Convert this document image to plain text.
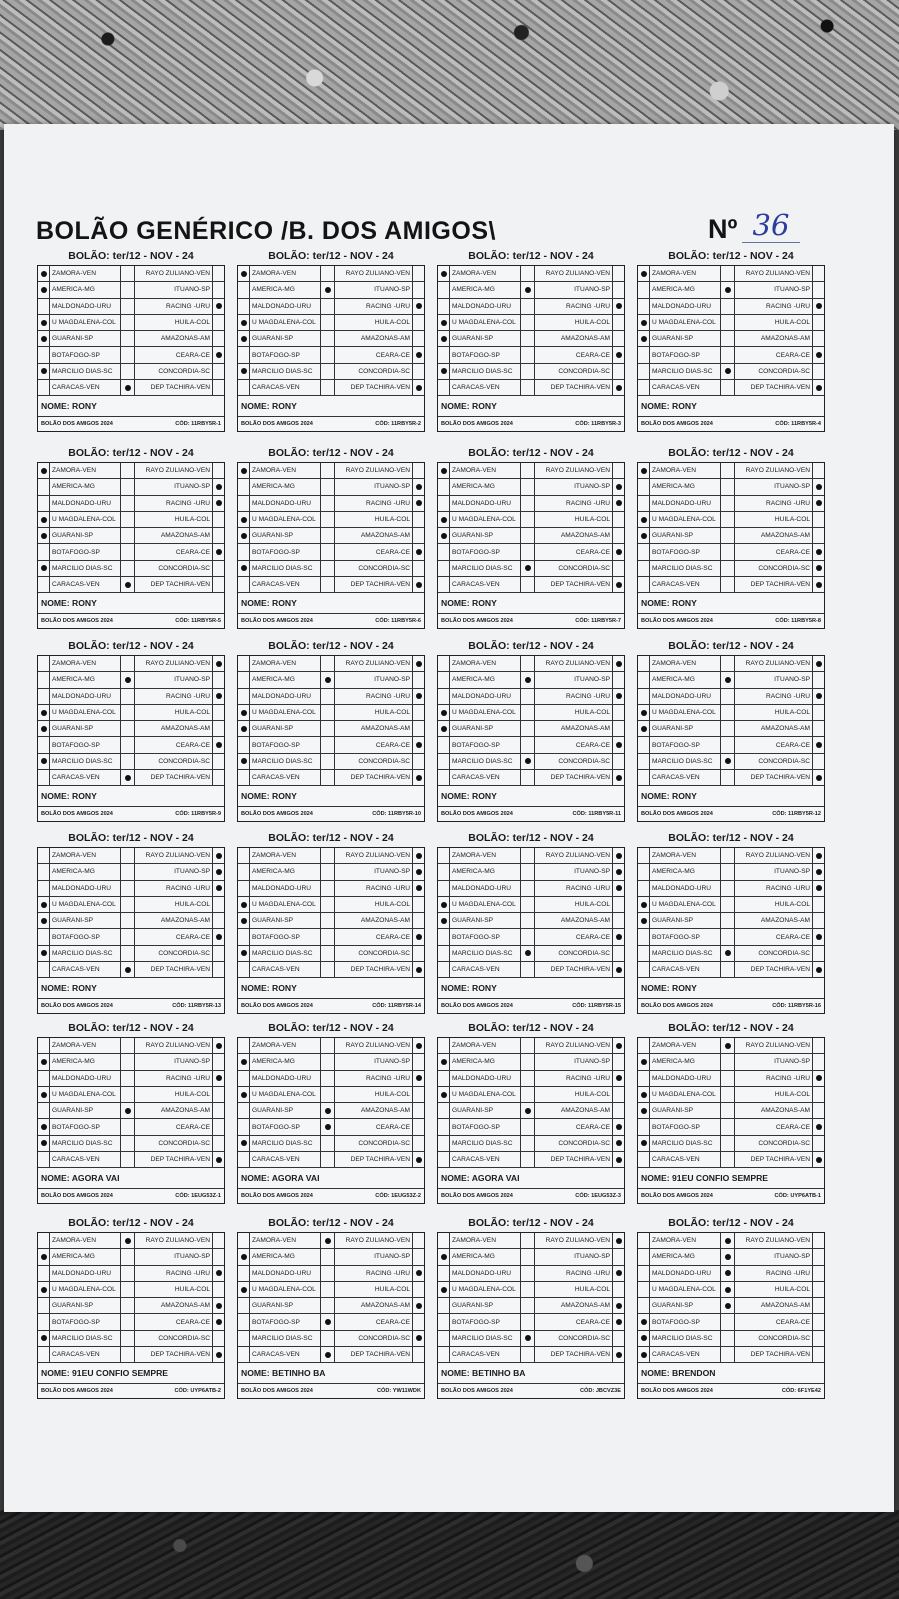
BOLÃO GENÉRICO /B. DOS AMIGOS\	Nº 36
BOLÃO: ter/12 - NOV - 24
ZAMORA-VEN	RAYO ZULIANO-VEN
AMERICA-MG	ITUANO-SP
MALDONADO-URU	RACING -URU
U MAGDALENA-COL	HUILA-COL
GUARANI-SP	AMAZONAS-AM
BOTAFOGO-SP	CEARA-CE
MARCILIO DIAS-SC	CONCORDIA-SC
CARACAS-VEN	DEP TACHIRA-VEN
NOME: RONY
BOLÃO DOS AMIGOS 2024	CÓD: 11RBY5R-1
BOLÃO: ter/12 - NOV - 24
ZAMORA-VEN	RAYO ZULIANO-VEN
AMERICA-MG	ITUANO-SP
MALDONADO-URU	RACING -URU
U MAGDALENA-COL	HUILA-COL
GUARANI-SP	AMAZONAS-AM
BOTAFOGO-SP	CEARA-CE
MARCILIO DIAS-SC	CONCORDIA-SC
CARACAS-VEN	DEP TACHIRA-VEN
NOME: RONY
BOLÃO DOS AMIGOS 2024	CÓD: 11RBY5R-2
BOLÃO: ter/12 - NOV - 24
ZAMORA-VEN	RAYO ZULIANO-VEN
AMERICA-MG	ITUANO-SP
MALDONADO-URU	RACING -URU
U MAGDALENA-COL	HUILA-COL
GUARANI-SP	AMAZONAS-AM
BOTAFOGO-SP	CEARA-CE
MARCILIO DIAS-SC	CONCORDIA-SC
CARACAS-VEN	DEP TACHIRA-VEN
NOME: RONY
BOLÃO DOS AMIGOS 2024	CÓD: 11RBY5R-3
BOLÃO: ter/12 - NOV - 24
ZAMORA-VEN	RAYO ZULIANO-VEN
AMERICA-MG	ITUANO-SP
MALDONADO-URU	RACING -URU
U MAGDALENA-COL	HUILA-COL
GUARANI-SP	AMAZONAS-AM
BOTAFOGO-SP	CEARA-CE
MARCILIO DIAS-SC	CONCORDIA-SC
CARACAS-VEN	DEP TACHIRA-VEN
NOME: RONY
BOLÃO DOS AMIGOS 2024	CÓD: 11RBY5R-4
BOLÃO: ter/12 - NOV - 24
ZAMORA-VEN	RAYO ZULIANO-VEN
AMERICA-MG	ITUANO-SP
MALDONADO-URU	RACING -URU
U MAGDALENA-COL	HUILA-COL
GUARANI-SP	AMAZONAS-AM
BOTAFOGO-SP	CEARA-CE
MARCILIO DIAS-SC	CONCORDIA-SC
CARACAS-VEN	DEP TACHIRA-VEN
NOME: RONY
BOLÃO DOS AMIGOS 2024	CÓD: 11RBY5R-5
BOLÃO: ter/12 - NOV - 24
ZAMORA-VEN	RAYO ZULIANO-VEN
AMERICA-MG	ITUANO-SP
MALDONADO-URU	RACING -URU
U MAGDALENA-COL	HUILA-COL
GUARANI-SP	AMAZONAS-AM
BOTAFOGO-SP	CEARA-CE
MARCILIO DIAS-SC	CONCORDIA-SC
CARACAS-VEN	DEP TACHIRA-VEN
NOME: RONY
BOLÃO DOS AMIGOS 2024	CÓD: 11RBY5R-6
BOLÃO: ter/12 - NOV - 24
ZAMORA-VEN	RAYO ZULIANO-VEN
AMERICA-MG	ITUANO-SP
MALDONADO-URU	RACING -URU
U MAGDALENA-COL	HUILA-COL
GUARANI-SP	AMAZONAS-AM
BOTAFOGO-SP	CEARA-CE
MARCILIO DIAS-SC	CONCORDIA-SC
CARACAS-VEN	DEP TACHIRA-VEN
NOME: RONY
BOLÃO DOS AMIGOS 2024	CÓD: 11RBY5R-7
BOLÃO: ter/12 - NOV - 24
ZAMORA-VEN	RAYO ZULIANO-VEN
AMERICA-MG	ITUANO-SP
MALDONADO-URU	RACING -URU
U MAGDALENA-COL	HUILA-COL
GUARANI-SP	AMAZONAS-AM
BOTAFOGO-SP	CEARA-CE
MARCILIO DIAS-SC	CONCORDIA-SC
CARACAS-VEN	DEP TACHIRA-VEN
NOME: RONY
BOLÃO DOS AMIGOS 2024	CÓD: 11RBY5R-8
BOLÃO: ter/12 - NOV - 24
ZAMORA-VEN	RAYO ZULIANO-VEN
AMERICA-MG	ITUANO-SP
MALDONADO-URU	RACING -URU
U MAGDALENA-COL	HUILA-COL
GUARANI-SP	AMAZONAS-AM
BOTAFOGO-SP	CEARA-CE
MARCILIO DIAS-SC	CONCORDIA-SC
CARACAS-VEN	DEP TACHIRA-VEN
NOME: RONY
BOLÃO DOS AMIGOS 2024	CÓD: 11RBY5R-9
BOLÃO: ter/12 - NOV - 24
ZAMORA-VEN	RAYO ZULIANO-VEN
AMERICA-MG	ITUANO-SP
MALDONADO-URU	RACING -URU
U MAGDALENA-COL	HUILA-COL
GUARANI-SP	AMAZONAS-AM
BOTAFOGO-SP	CEARA-CE
MARCILIO DIAS-SC	CONCORDIA-SC
CARACAS-VEN	DEP TACHIRA-VEN
NOME: RONY
BOLÃO DOS AMIGOS 2024	CÓD: 11RBY5R-10
BOLÃO: ter/12 - NOV - 24
ZAMORA-VEN	RAYO ZULIANO-VEN
AMERICA-MG	ITUANO-SP
MALDONADO-URU	RACING -URU
U MAGDALENA-COL	HUILA-COL
GUARANI-SP	AMAZONAS-AM
BOTAFOGO-SP	CEARA-CE
MARCILIO DIAS-SC	CONCORDIA-SC
CARACAS-VEN	DEP TACHIRA-VEN
NOME: RONY
BOLÃO DOS AMIGOS 2024	CÓD: 11RBY5R-11
BOLÃO: ter/12 - NOV - 24
ZAMORA-VEN	RAYO ZULIANO-VEN
AMERICA-MG	ITUANO-SP
MALDONADO-URU	RACING -URU
U MAGDALENA-COL	HUILA-COL
GUARANI-SP	AMAZONAS-AM
BOTAFOGO-SP	CEARA-CE
MARCILIO DIAS-SC	CONCORDIA-SC
CARACAS-VEN	DEP TACHIRA-VEN
NOME: RONY
BOLÃO DOS AMIGOS 2024	CÓD: 11RBY5R-12
BOLÃO: ter/12 - NOV - 24
ZAMORA-VEN	RAYO ZULIANO-VEN
AMERICA-MG	ITUANO-SP
MALDONADO-URU	RACING -URU
U MAGDALENA-COL	HUILA-COL
GUARANI-SP	AMAZONAS-AM
BOTAFOGO-SP	CEARA-CE
MARCILIO DIAS-SC	CONCORDIA-SC
CARACAS-VEN	DEP TACHIRA-VEN
NOME: RONY
BOLÃO DOS AMIGOS 2024	CÓD: 11RBY5R-13
BOLÃO: ter/12 - NOV - 24
ZAMORA-VEN	RAYO ZULIANO-VEN
AMERICA-MG	ITUANO-SP
MALDONADO-URU	RACING -URU
U MAGDALENA-COL	HUILA-COL
GUARANI-SP	AMAZONAS-AM
BOTAFOGO-SP	CEARA-CE
MARCILIO DIAS-SC	CONCORDIA-SC
CARACAS-VEN	DEP TACHIRA-VEN
NOME: RONY
BOLÃO DOS AMIGOS 2024	CÓD: 11RBY5R-14
BOLÃO: ter/12 - NOV - 24
ZAMORA-VEN	RAYO ZULIANO-VEN
AMERICA-MG	ITUANO-SP
MALDONADO-URU	RACING -URU
U MAGDALENA-COL	HUILA-COL
GUARANI-SP	AMAZONAS-AM
BOTAFOGO-SP	CEARA-CE
MARCILIO DIAS-SC	CONCORDIA-SC
CARACAS-VEN	DEP TACHIRA-VEN
NOME: RONY
BOLÃO DOS AMIGOS 2024	CÓD: 11RBY5R-15
BOLÃO: ter/12 - NOV - 24
ZAMORA-VEN	RAYO ZULIANO-VEN
AMERICA-MG	ITUANO-SP
MALDONADO-URU	RACING -URU
U MAGDALENA-COL	HUILA-COL
GUARANI-SP	AMAZONAS-AM
BOTAFOGO-SP	CEARA-CE
MARCILIO DIAS-SC	CONCORDIA-SC
CARACAS-VEN	DEP TACHIRA-VEN
NOME: RONY
BOLÃO DOS AMIGOS 2024	CÓD: 11RBY5R-16
BOLÃO: ter/12 - NOV - 24
ZAMORA-VEN	RAYO ZULIANO-VEN
AMERICA-MG	ITUANO-SP
MALDONADO-URU	RACING -URU
U MAGDALENA-COL	HUILA-COL
GUARANI-SP	AMAZONAS-AM
BOTAFOGO-SP	CEARA-CE
MARCILIO DIAS-SC	CONCORDIA-SC
CARACAS-VEN	DEP TACHIRA-VEN
NOME: AGORA VAI
BOLÃO DOS AMIGOS 2024	CÓD: 1EUG53Z-1
BOLÃO: ter/12 - NOV - 24
ZAMORA-VEN	RAYO ZULIANO-VEN
AMERICA-MG	ITUANO-SP
MALDONADO-URU	RACING -URU
U MAGDALENA-COL	HUILA-COL
GUARANI-SP	AMAZONAS-AM
BOTAFOGO-SP	CEARA-CE
MARCILIO DIAS-SC	CONCORDIA-SC
CARACAS-VEN	DEP TACHIRA-VEN
NOME: AGORA VAI
BOLÃO DOS AMIGOS 2024	CÓD: 1EUG53Z-2
BOLÃO: ter/12 - NOV - 24
ZAMORA-VEN	RAYO ZULIANO-VEN
AMERICA-MG	ITUANO-SP
MALDONADO-URU	RACING -URU
U MAGDALENA-COL	HUILA-COL
GUARANI-SP	AMAZONAS-AM
BOTAFOGO-SP	CEARA-CE
MARCILIO DIAS-SC	CONCORDIA-SC
CARACAS-VEN	DEP TACHIRA-VEN
NOME: AGORA VAI
BOLÃO DOS AMIGOS 2024	CÓD: 1EUG53Z-3
BOLÃO: ter/12 - NOV - 24
ZAMORA-VEN	RAYO ZULIANO-VEN
AMERICA-MG	ITUANO-SP
MALDONADO-URU	RACING -URU
U MAGDALENA-COL	HUILA-COL
GUARANI-SP	AMAZONAS-AM
BOTAFOGO-SP	CEARA-CE
MARCILIO DIAS-SC	CONCORDIA-SC
CARACAS-VEN	DEP TACHIRA-VEN
NOME: 91EU CONFIO SEMPRE
BOLÃO DOS AMIGOS 2024	CÓD: UYP6ATB-1
BOLÃO: ter/12 - NOV - 24
ZAMORA-VEN	RAYO ZULIANO-VEN
AMERICA-MG	ITUANO-SP
MALDONADO-URU	RACING -URU
U MAGDALENA-COL	HUILA-COL
GUARANI-SP	AMAZONAS-AM
BOTAFOGO-SP	CEARA-CE
MARCILIO DIAS-SC	CONCORDIA-SC
CARACAS-VEN	DEP TACHIRA-VEN
NOME: 91EU CONFIO SEMPRE
BOLÃO DOS AMIGOS 2024	CÓD: UYP6ATB-2
BOLÃO: ter/12 - NOV - 24
ZAMORA-VEN	RAYO ZULIANO-VEN
AMERICA-MG	ITUANO-SP
MALDONADO-URU	RACING -URU
U MAGDALENA-COL	HUILA-COL
GUARANI-SP	AMAZONAS-AM
BOTAFOGO-SP	CEARA-CE
MARCILIO DIAS-SC	CONCORDIA-SC
CARACAS-VEN	DEP TACHIRA-VEN
NOME: BETINHO BA
BOLÃO DOS AMIGOS 2024	CÓD: YW11WDK
BOLÃO: ter/12 - NOV - 24
ZAMORA-VEN	RAYO ZULIANO-VEN
AMERICA-MG	ITUANO-SP
MALDONADO-URU	RACING -URU
U MAGDALENA-COL	HUILA-COL
GUARANI-SP	AMAZONAS-AM
BOTAFOGO-SP	CEARA-CE
MARCILIO DIAS-SC	CONCORDIA-SC
CARACAS-VEN	DEP TACHIRA-VEN
NOME: BETINHO BA
BOLÃO DOS AMIGOS 2024	CÓD: JBCVZ3E
BOLÃO: ter/12 - NOV - 24
ZAMORA-VEN	RAYO ZULIANO-VEN
AMERICA-MG	ITUANO-SP
MALDONADO-URU	RACING -URU
U MAGDALENA-COL	HUILA-COL
GUARANI-SP	AMAZONAS-AM
BOTAFOGO-SP	CEARA-CE
MARCILIO DIAS-SC	CONCORDIA-SC
CARACAS-VEN	DEP TACHIRA-VEN
NOME: BRENDON
BOLÃO DOS AMIGOS 2024	CÓD: 6F1YE42
